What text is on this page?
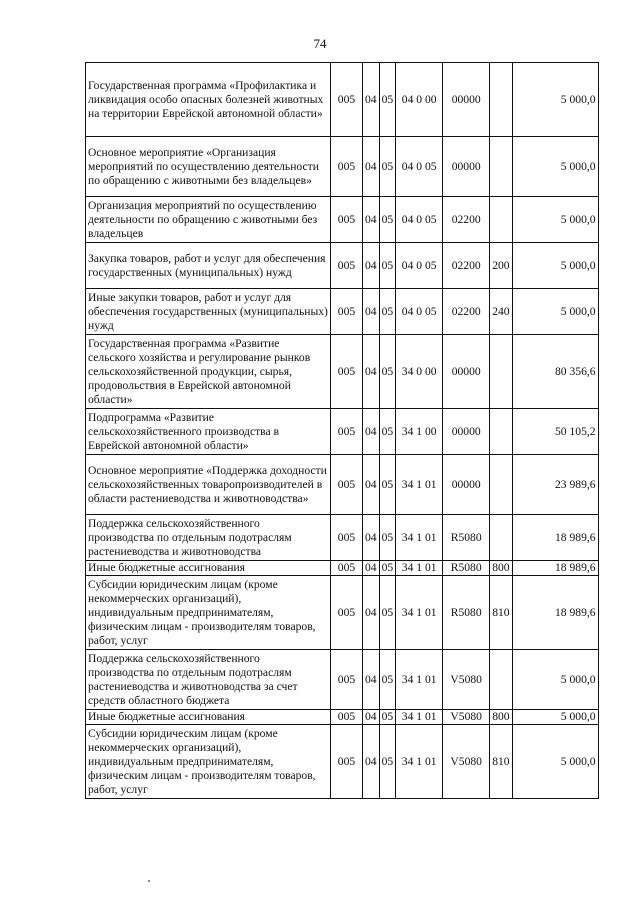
74
Государственная программа «Профилактика и ликвидация особо опасных болезней животных на территории Еврейской автономной области»	005	04	05	04 0 00	00000		5 000,0
Основное мероприятие «Организация мероприятий по осуществлению деятельности по обращению с животными без владельцев»	005	04	05	04 0 05	00000		5 000,0
Организация мероприятий по осуществлению деятельности по обращению с животными без владельцев	005	04	05	04 0 05	02200		5 000,0
Закупка товаров, работ и услуг для обеспечения государственных (муниципальных) нужд	005	04	05	04 0 05	02200	200	5 000,0
Иные закупки товаров, работ и услуг для обеспечения государственных (муниципальных) нужд	005	04	05	04 0 05	02200	240	5 000,0
Государственная программа «Развитие сельского хозяйства и регулирование рынков сельскохозяйственной продукции, сырья, продовольствия в Еврейской автономной области»	005	04	05	34 0 00	00000		80 356,6
Подпрограмма «Развитие сельскохозяйственного производства в Еврейской автономной области»	005	04	05	34 1 00	00000		50 105,2
Основное мероприятие «Поддержка доходности сельскохозяйственных товаропроизводителей в области растениеводства и животноводства»	005	04	05	34 1 01	00000		23 989,6
Поддержка сельскохозяйственного производства по отдельным подотраслям растениеводства и животноводства	005	04	05	34 1 01	R5080		18 989,6
Иные бюджетные ассигнования	005	04	05	34 1 01	R5080	800	18 989,6
Субсидии юридическим лицам (кроме некоммерческих организаций), индивидуальным предпринимателям, физическим лицам - производителям товаров, работ, услуг	005	04	05	34 1 01	R5080	810	18 989,6
Поддержка сельскохозяйственного производства по отдельным подотраслям растениеводства и животноводства за счет средств областного бюджета	005	04	05	34 1 01	V5080		5 000,0
Иные бюджетные ассигнования	005	04	05	34 1 01	V5080	800	5 000,0
Субсидии юридическим лицам (кроме некоммерческих организаций), индивидуальным предпринимателям, физическим лицам - производителям товаров, работ, услуг	005	04	05	34 1 01	V5080	810	5 000,0
